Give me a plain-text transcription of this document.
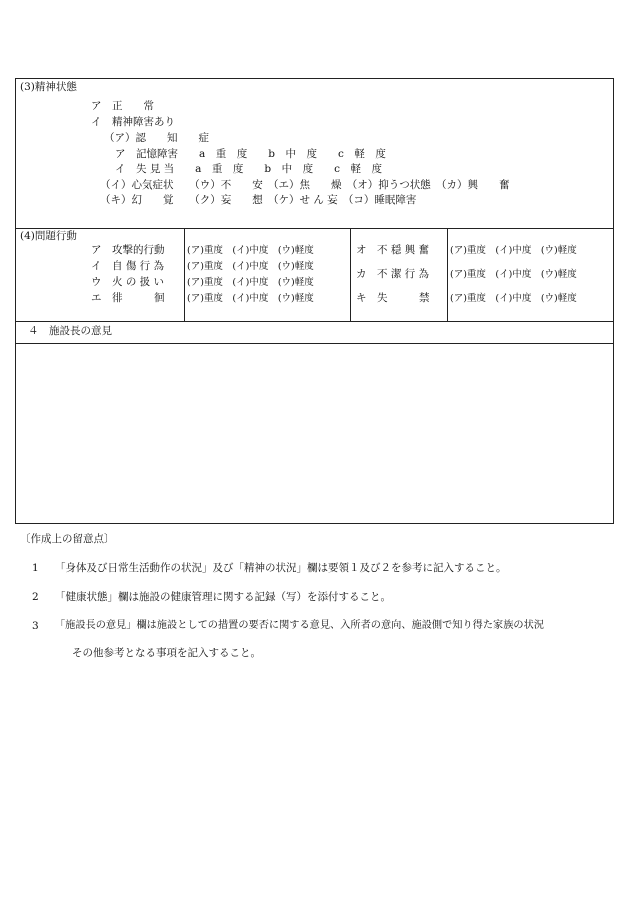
(3)精神状態
ア　正　　常
イ　精神障害あり
（ア）認　　知　　症
ア　記憶障害　　a　重　度　　b　中　度　　c　軽　度
イ　失 見 当　　a　重　度　　b　中　度　　c　軽　度
（イ）心気症状　　（ウ）不　　安　（エ）焦　　燥　（オ）抑うつ状態　（カ）興　　奮
（キ）幻　　覚　　（ク）妄　　想　（ケ）せ ん 妄　（コ）睡眠障害
(4)問題行動
ア　攻撃的行動
イ　自 傷 行 為
ウ　火 の 扱 い
エ　徘　　　徊
(ア)重度　(イ)中度　(ウ)軽度
(ア)重度　(イ)中度　(ウ)軽度
(ア)重度　(イ)中度　(ウ)軽度
(ア)重度　(イ)中度　(ウ)軽度
オ　不 穏 興 奮
カ　不 潔 行 為
キ　失　　　禁
(ア)重度　(イ)中度　(ウ)軽度
(ア)重度　(イ)中度　(ウ)軽度
(ア)重度　(イ)中度　(ウ)軽度
４　施設長の意見
〔作成上の留意点〕
1 「身体及び日常生活動作の状況」及び「精神の状況」欄は要領１及び２を参考に記入すること。
2 「健康状態」欄は施設の健康管理に関する記録（写）を添付すること。
3 「施設長の意見」欄は施設としての措置の要否に関する意見、入所者の意向、施設側で知り得た家族の状況
その他参考となる事項を記入すること。
